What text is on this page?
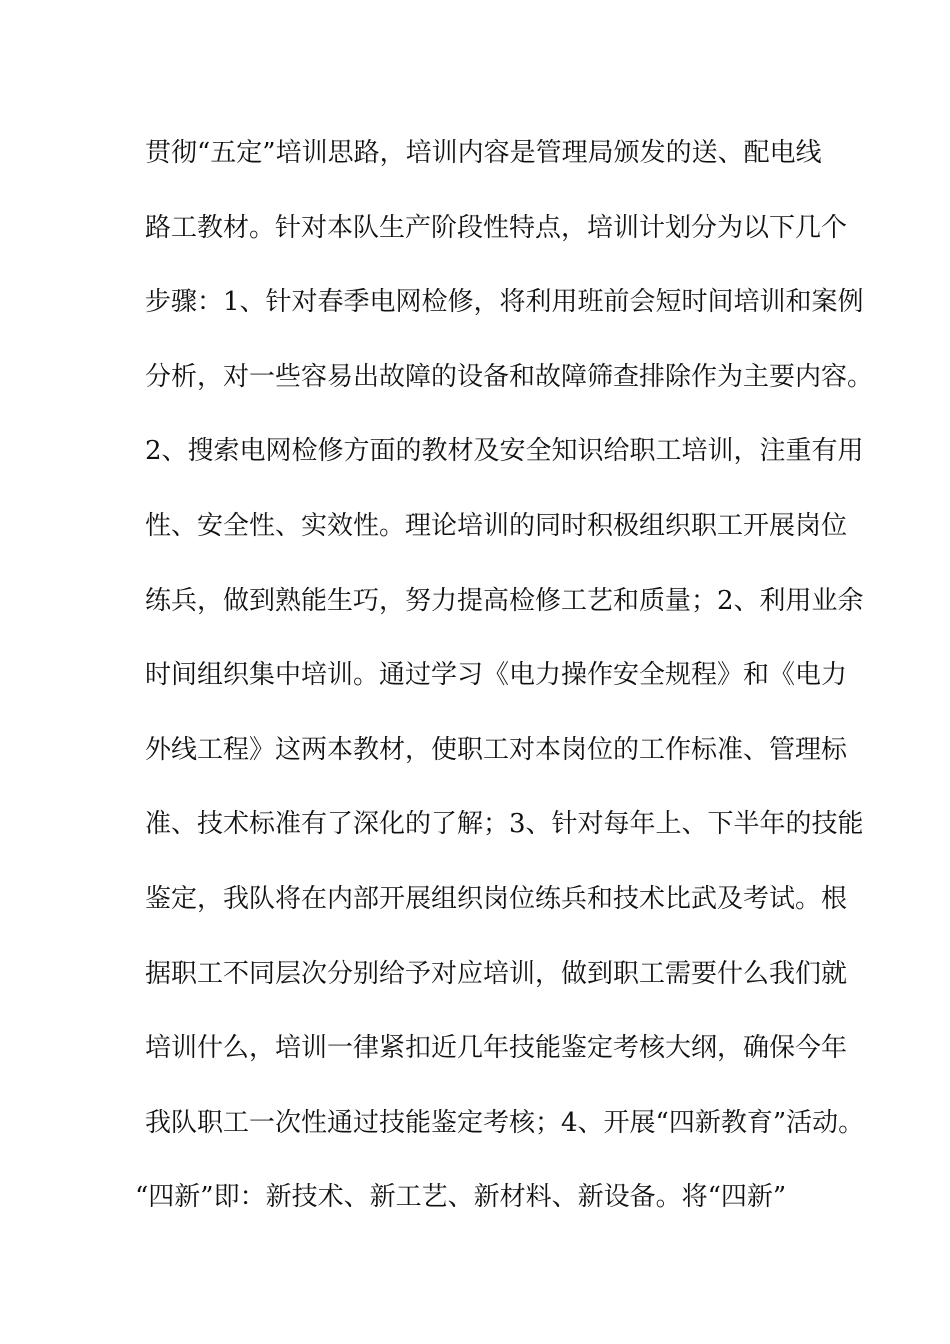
贯彻“五定”培训思路，培训内容是管理局颁发的送、配电线
路工教材。针对本队生产阶段性特点，培训计划分为以下几个
步骤：1、针对春季电网检修，将利用班前会短时间培训和案例
分析，对一些容易出故障的设备和故障筛查排除作为主要内容。
2、搜索电网检修方面的教材及安全知识给职工培训，注重有用
性、安全性、实效性。理论培训的同时积极组织职工开展岗位
练兵，做到熟能生巧，努力提高检修工艺和质量；2、利用业余
时间组织集中培训。通过学习《电力操作安全规程》和《电力
外线工程》这两本教材，使职工对本岗位的工作标准、管理标
准、技术标准有了深化的了解；3、针对每年上、下半年的技能
鉴定，我队将在内部开展组织岗位练兵和技术比武及考试。根
据职工不同层次分别给予对应培训，做到职工需要什么我们就
培训什么，培训一律紧扣近几年技能鉴定考核大纲，确保今年
我队职工一次性通过技能鉴定考核；4、开展“四新教育”活动。
“四新”即：新技术、新工艺、新材料、新设备。将“四新”
